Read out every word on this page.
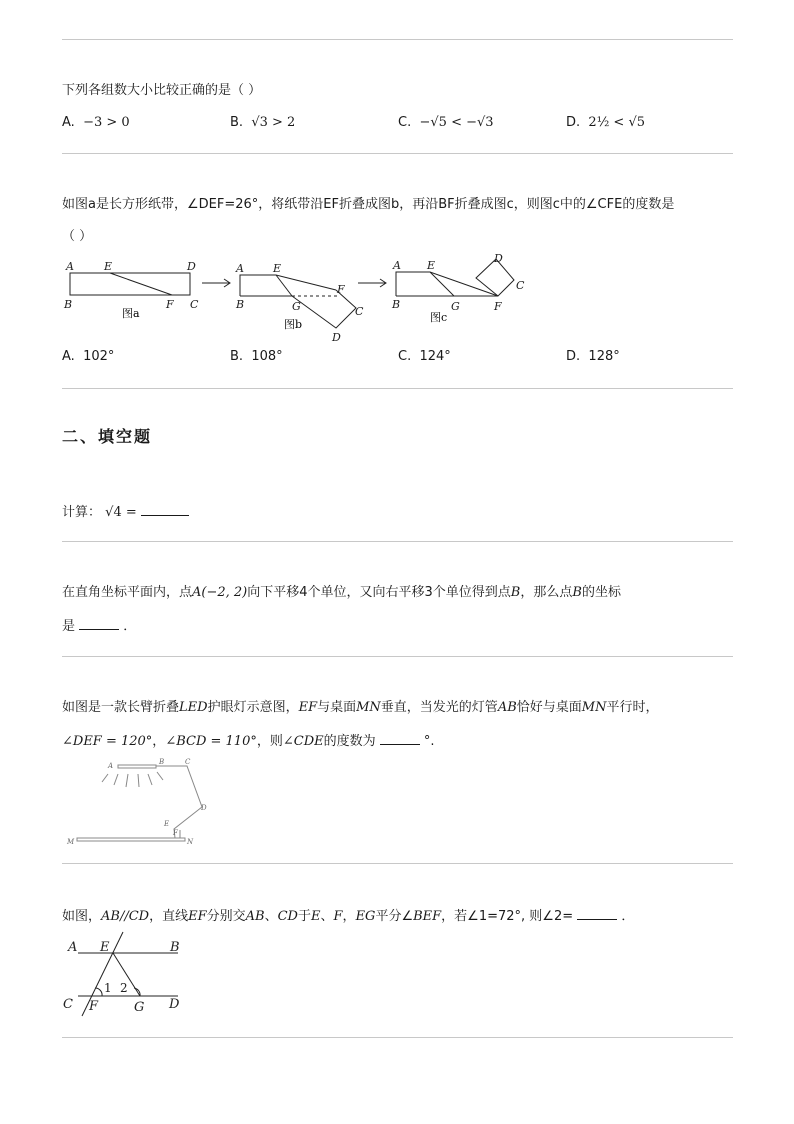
下列各组数大小比较正确的是（ ）
A. −3 > 0	B. √3 > 2	C. −√5 < −√3	D. 2½ < √5
如图a是长方形纸带，∠DEF=26°，将纸带沿EF折叠成图b，再沿BF折叠成图c，则图c中的∠CFE的度数是
（ ）
A	E	D
B	F C
A	E
F
B	G	C
D
A E
D
B	G	F
C
图a
图b
图c
A. 102°	B. 108°	C. 124°	D. 128°
二、填空题
计算： √4 =
在直角坐标平面内，点A(−2, 2)向下平移4个单位，又向右平移3个单位得到点B，那么点B的坐标
是	．
如图是一款长臂折叠LED护眼灯示意图，EF与桌面MN垂直，当发光的灯管AB恰好与桌面MN平行时，
∠DEF = 120°，∠BCD = 110°，则∠CDE的度数为	°.
A	B	C
D
E
F
M	N
如图，AB//CD，直线EF分别交AB、CD于E、F，EG平分∠BEF，若∠1=72°, 则∠2=	．
A E	B
C F	G D
1 2
